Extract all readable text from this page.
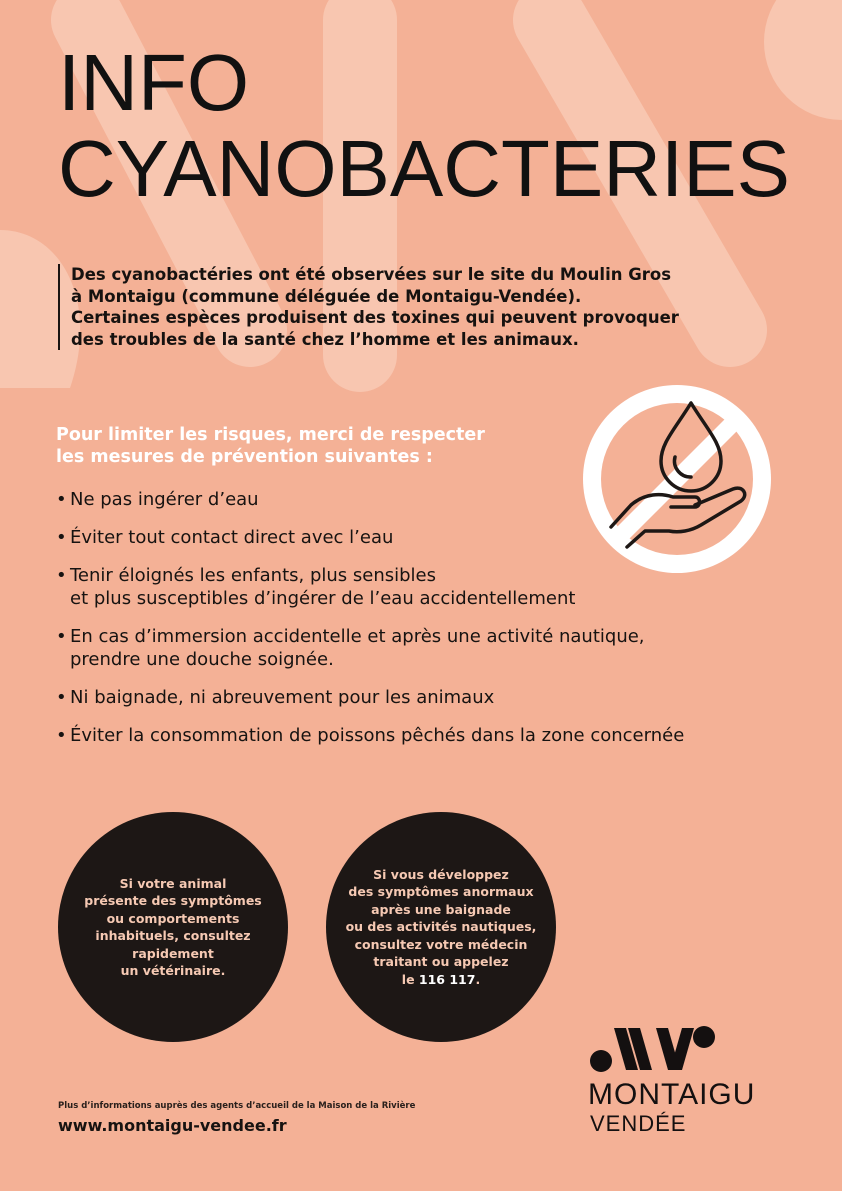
INFO
CYANOBACTERIES

Des cyanobactéries ont été observées sur le site du Moulin Gros

à Montaigu (commune déléguée de Montaigu-Vendée).

Certaines espèces produisent des toxines qui peuvent provoquer

des troubles de la santé chez l’homme et les animaux.

Pour limiter les risques, merci de respecter
les mesures de prévention suivantes :
• Ne pas ingérer d’eau
• Éviter tout contact direct avec l’eau
• Tenir éloignés les enfants, plus sensibles
et plus susceptibles d’ingérer de l’eau accidentellement
• En cas d’immersion accidentelle et après une activité nautique,
prendre une douche soignée.
• Ni baignade, ni abreuvement pour les animaux
• Éviter la consommation de poissons pêchés dans la zone concernée
Si votre animal
présente des symptômes
ou comportements
inhabituels, consultez
rapidement
un vétérinaire.
Si vous développez
des symptômes anormaux
après une baignade
ou des activités nautiques,
consultez votre médecin
traitant ou appelez
le 116 117.
Plus d’informations auprès des agents d’accueil de la Maison de la Rivière
www.montaigu-vendee.fr
MONTAIGU
VENDÉE
